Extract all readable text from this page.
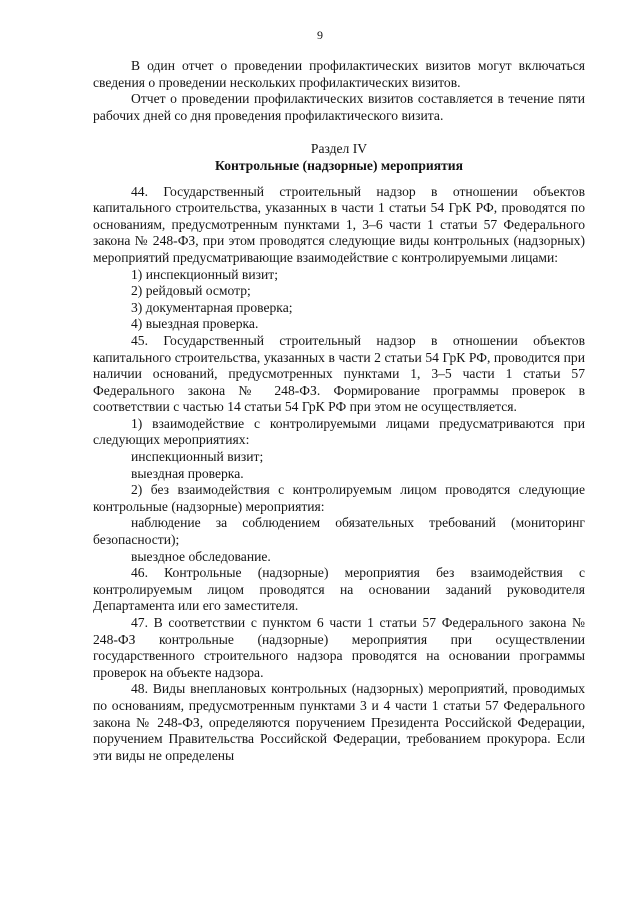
9

В один отчет о проведении профилактических визитов могут включаться сведения о проведении нескольких профилактических визитов.

Отчет о проведении профилактических визитов составляется в течение пяти рабочих дней со дня проведения профилактического визита.

Раздел IV

Контрольные (надзорные) мероприятия

44. Государственный строительный надзор в отношении объектов капитального строительства, указанных в части 1 статьи 54 ГрК РФ, проводятся по основаниям, предусмотренным пунктами 1, 3–6 части 1 статьи 57 Федерального закона № 248-ФЗ, при этом проводятся следующие виды контрольных (надзорных) мероприятий предусматривающие взаимодействие с контролируемыми лицами:

1) инспекционный визит;

2) рейдовый осмотр;

3) документарная проверка;

4) выездная проверка.

45. Государственный строительный надзор в отношении объектов капитального строительства, указанных в части 2 статьи 54 ГрК РФ, проводится при наличии оснований, предусмотренных пунктами 1, 3–5 части 1 статьи 57 Федерального закона № 248-ФЗ. Формирование программы проверок в соответствии с частью 14 статьи 54 ГрК РФ при этом не осуществляется.

1) взаимодействие с контролируемыми лицами предусматриваются при следующих мероприятиях:

инспекционный визит;

выездная проверка.

2) без взаимодействия с контролируемым лицом проводятся следующие контрольные (надзорные) мероприятия:

наблюдение за соблюдением обязательных требований (мониторинг безопасности);

выездное обследование.

46. Контрольные (надзорные) мероприятия без взаимодействия с контролируемым лицом проводятся на основании заданий руководителя Департамента или его заместителя.

47. В соответствии с пунктом 6 части 1 статьи 57 Федерального закона № 248-ФЗ контрольные (надзорные) мероприятия при осуществлении государственного строительного надзора проводятся на основании программы проверок на объекте надзора.

48. Виды внеплановых контрольных (надзорных) мероприятий, проводимых по основаниям, предусмотренным пунктами 3 и 4 части 1 статьи 57 Федерального закона № 248-ФЗ, определяются поручением Президента Российской Федерации, поручением Правительства Российской Федерации, требованием прокурора. Если эти виды не определены
